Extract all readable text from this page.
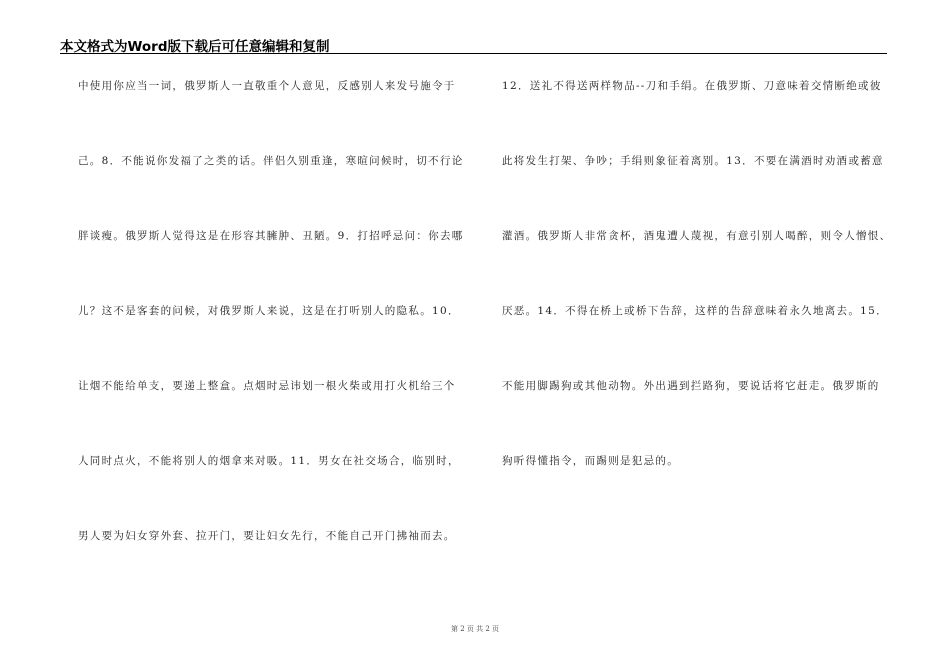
本文格式为Word版下载后可任意编辑和复制
中使用你应当一词，俄罗斯人一直敬重个人意见，反感别人来发号施令于
己。8．不能说你发福了之类的话。伴侣久别重逢，寒暄问候时，切不行论
胖谈瘦。俄罗斯人觉得这是在形容其臃肿、丑陋。9．打招呼忌问：你去哪
儿？这不是客套的问候，对俄罗斯人来说，这是在打听别人的隐私。10．
让烟不能给单支，要递上整盒。点烟时忌讳划一根火柴或用打火机给三个
人同时点火，不能将别人的烟拿来对吸。11．男女在社交场合，临别时，
男人要为妇女穿外套、拉开门，要让妇女先行，不能自己开门拂袖而去。
12．送礼不得送两样物品--刀和手绢。在俄罗斯、刀意味着交情断绝或彼
此将发生打架、争吵；手绢则象征着离别。13．不要在满酒时劝酒或蓄意
灌酒。俄罗斯人非常贪杯，酒鬼遭人蔑视，有意引别人喝醉，则令人憎恨、
厌恶。14．不得在桥上或桥下告辞，这样的告辞意味着永久地离去。15．
不能用脚踢狗或其他动物。外出遇到拦路狗，要说话将它赶走。俄罗斯的
狗听得懂指令，而踢则是犯忌的。
第 2 页 共 2 页
